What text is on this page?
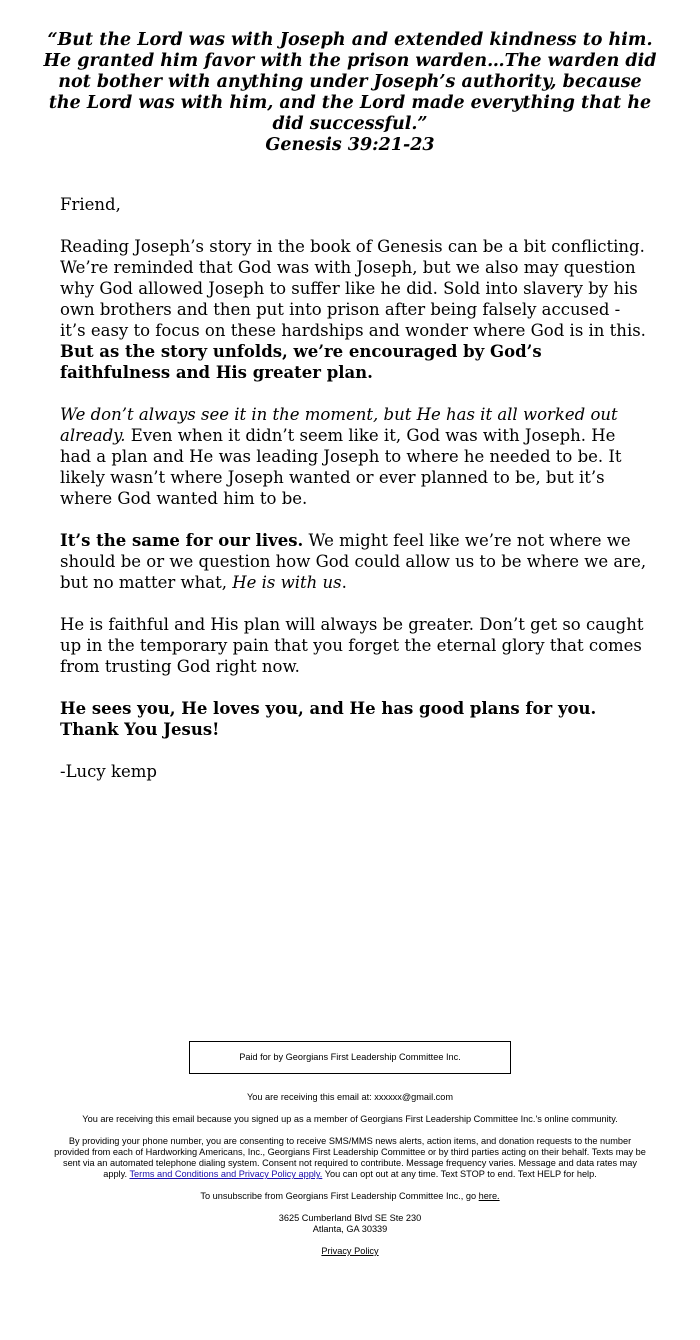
“But the Lord was with Joseph and extended kindness to him. He granted him favor with the prison warden…The warden did not bother with anything under Joseph’s authority, because the Lord was with him, and the Lord made everything that he did successful.”
Genesis 39:21-23

Friend,

Reading Joseph’s story in the book of Genesis can be a bit conflicting. We’re reminded that God was with Joseph, but we also may question why God allowed Joseph to suffer like he did. Sold into slavery by his own brothers and then put into prison after being falsely accused - it’s easy to focus on these hardships and wonder where God is in this. But as the story unfolds, we’re encouraged by God’s faithfulness and His greater plan.

We don’t always see it in the moment, but He has it all worked out already. Even when it didn’t seem like it, God was with Joseph. He had a plan and He was leading Joseph to where he needed to be. It likely wasn’t where Joseph wanted or ever planned to be, but it’s where God wanted him to be.

It’s the same for our lives. We might feel like we’re not where we should be or we question how God could allow us to be where we are, but no matter what, He is with us.

He is faithful and His plan will always be greater. Don’t get so caught up in the temporary pain that you forget the eternal glory that comes from trusting God right now.

He sees you, He loves you, and He has good plans for you. Thank You Jesus!

-Lucy kemp

Paid for by Georgians First Leadership Committee Inc.

You are receiving this email at: xxxxxx@gmail.com

You are receiving this email because you signed up as a member of Georgians First Leadership Committee Inc.'s online community.

By providing your phone number, you are consenting to receive SMS/MMS news alerts, action items, and donation requests to the number provided from each of Hardworking Americans, Inc., Georgians First Leadership Committee or by third parties acting on their behalf. Texts may be sent via an automated telephone dialing system. Consent not required to contribute. Message frequency varies. Message and data rates may apply. Terms and Conditions and Privacy Policy apply. You can opt out at any time. Text STOP to end. Text HELP for help.

To unsubscribe from Georgians First Leadership Committee Inc., go here.

3625 Cumberland Blvd SE Ste 230
Atlanta, GA 30339

Privacy Policy
